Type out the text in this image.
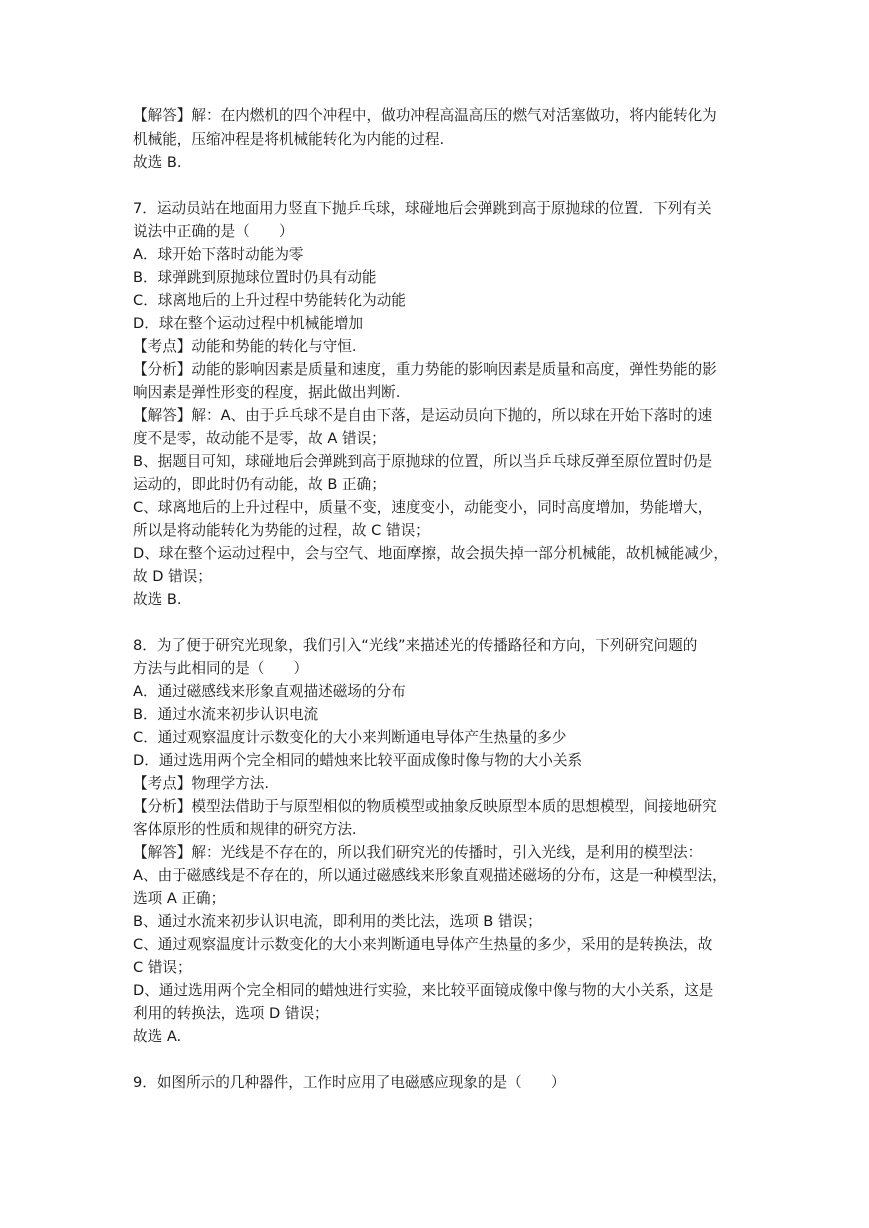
【解答】解：在内燃机的四个冲程中，做功冲程高温高压的燃气对活塞做功，将内能转化为
机械能，压缩冲程是将机械能转化为内能的过程.
故选 B.
7．运动员站在地面用力竖直下抛乒乓球，球碰地后会弹跳到高于原抛球的位置．下列有关
说法中正确的是（　　）
A．球开始下落时动能为零
B．球弹跳到原抛球位置时仍具有动能
C．球离地后的上升过程中势能转化为动能
D．球在整个运动过程中机械能增加
【考点】动能和势能的转化与守恒.
【分析】动能的影响因素是质量和速度，重力势能的影响因素是质量和高度，弹性势能的影
响因素是弹性形变的程度，据此做出判断.
【解答】解：A、由于乒乓球不是自由下落，是运动员向下抛的，所以球在开始下落时的速
度不是零，故动能不是零，故 A 错误；
B、据题目可知，球碰地后会弹跳到高于原抛球的位置，所以当乒乓球反弹至原位置时仍是
运动的，即此时仍有动能，故 B 正确；
C、球离地后的上升过程中，质量不变，速度变小，动能变小，同时高度增加，势能增大，
所以是将动能转化为势能的过程，故 C 错误；
D、球在整个运动过程中，会与空气、地面摩擦，故会损失掉一部分机械能，故机械能减少，
故 D 错误；
故选 B.
8．为了便于研究光现象，我们引入“光线”来描述光的传播路径和方向，下列研究问题的
方法与此相同的是（　　）
A．通过磁感线来形象直观描述磁场的分布
B．通过水流来初步认识电流
C．通过观察温度计示数变化的大小来判断通电导体产生热量的多少
D．通过选用两个完全相同的蜡烛来比较平面成像时像与物的大小关系
【考点】物理学方法.
【分析】模型法借助于与原型相似的物质模型或抽象反映原型本质的思想模型，间接地研究
客体原形的性质和规律的研究方法.
【解答】解：光线是不存在的，所以我们研究光的传播时，引入光线，是利用的模型法：
A、由于磁感线是不存在的，所以通过磁感线来形象直观描述磁场的分布，这是一种模型法，
选项 A 正确；
B、通过水流来初步认识电流，即利用的类比法，选项 B 错误；
C、通过观察温度计示数变化的大小来判断通电导体产生热量的多少，采用的是转换法，故
C 错误；
D、通过选用两个完全相同的蜡烛进行实验，来比较平面镜成像中像与物的大小关系，这是
利用的转换法，选项 D 错误；
故选 A.
9．如图所示的几种器件，工作时应用了电磁感应现象的是（　　）
